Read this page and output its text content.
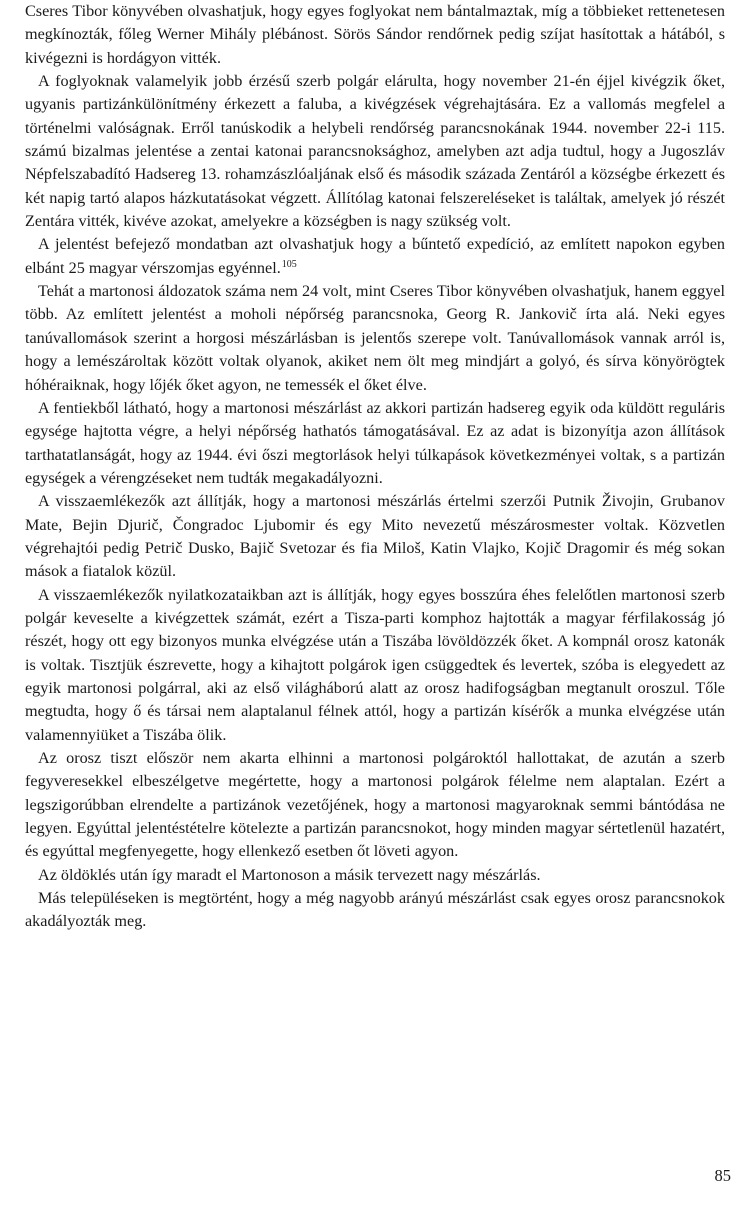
Cseres Tibor könyvében olvashatjuk, hogy egyes foglyokat nem bántalmaztak, míg a többieket rettenetesen megkínozták, főleg Werner Mihály plébánost. Sörös Sándor rendőrnek pedig szíjat hasítottak a hátából, s kivégezni is hordágyon vitték.

A foglyoknak valamelyik jobb érzésű szerb polgár elárulta, hogy november 21-én éjjel kivégzik őket, ugyanis partizánkülönítmény érkezett a faluba, a kivégzések végrehajtására. Ez a vallomás megfelel a történelmi valóságnak. Erről tanúskodik a helybeli rendőrség parancsnokának 1944. november 22-i 115. számú bizalmas jelentése a zentai katonai parancsnoksághoz, amelyben azt adja tudtul, hogy a Jugoszláv Népfelszabadító Hadsereg 13. rohamzászlóaljának első és második százada Zentáról a községbe érkezett és két napig tartó alapos házkutatásokat végzett. Állítólag katonai felszereléseket is találtak, amelyek jó részét Zentára vitték, kivéve azokat, amelyekre a községben is nagy szükség volt.

A jelentést befejező mondatban azt olvashatjuk hogy a bűntető expedíció, az említett napokon egyben elbánt 25 magyar vérszomjas egyénnel.$^{105}$

Tehát a martonosi áldozatok száma nem 24 volt, mint Cseres Tibor könyvében olvashatjuk, hanem eggyel több. Az említett jelentést a moholi népőrség parancsnoka, Georg R. Jankovič írta alá. Neki egyes tanúvallomások szerint a horgosi mészárlásban is jelentős szerepe volt. Tanúvallomások vannak arról is, hogy a lemészároltak között voltak olyanok, akiket nem ölt meg mindjárt a golyó, és sírva könyörögtek hóhéraiknak, hogy lőjék őket agyon, ne temessék el őket élve.

A fentiekből látható, hogy a martonosi mészárlást az akkori partizán hadsereg egyik oda küldött reguláris egysége hajtotta végre, a helyi népőrség hathatós támogatásával. Ez az adat is bizonyítja azon állítások tarthatatlanságát, hogy az 1944. évi őszi megtorlások helyi túlkapások következményei voltak, s a partizán egységek a vérengzéseket nem tudták megakadályozni.

A visszaemlékezők azt állítják, hogy a martonosi mészárlás értelmi szerzői Putnik Živojin, Grubanov Mate, Bejin Djurič, Čongradoc Ljubomir és egy Mito nevezetű mészárosmester voltak. Közvetlen végrehajtói pedig Petrič Dusko, Bajič Svetozar és fia Miloš, Katin Vlajko, Kojič Dragomir és még sokan mások a fiatalok közül.

A visszaemlékezők nyilatkozataikban azt is állítják, hogy egyes bosszúra éhes felelőtlen martonosi szerb polgár keveselte a kivégzettek számát, ezért a Tisza-parti komphoz hajtották a magyar férfilakosság jó részét, hogy ott egy bizonyos munka elvégzése után a Tiszába lövöldözzék őket. A kompnál orosz katonák is voltak. Tisztjük észrevette, hogy a kihajtott polgárok igen csüggedtek és levertek, szóba is elegyedett az egyik martonosi polgárral, aki az első világháború alatt az orosz hadifogságban megtanult oroszul. Tőle megtudta, hogy ő és társai nem alaptalanul félnek attól, hogy a partizán kísérők a munka elvégzése után valamennyiüket a Tiszába ölik.

Az orosz tiszt először nem akarta elhinni a martonosi polgároktól hallottakat, de azután a szerb fegyveresekkel elbeszélgetve megértette, hogy a martonosi polgárok félelme nem alaptalan. Ezért a legszigorúbban elrendelte a partizánok vezetőjének, hogy a martonosi magyaroknak semmi bántódása ne legyen. Egyúttal jelentéstételre kötelezte a partizán parancsnokot, hogy minden magyar sértetlenül hazatért, és egyúttal megfenyegette, hogy ellenkező esetben őt löveti agyon.

Az öldöklés után így maradt el Martonoson a másik tervezett nagy mészárlás.

Más településeken is megtörtént, hogy a még nagyobb arányú mészárlást csak egyes orosz parancsnokok akadályozták meg.

85
